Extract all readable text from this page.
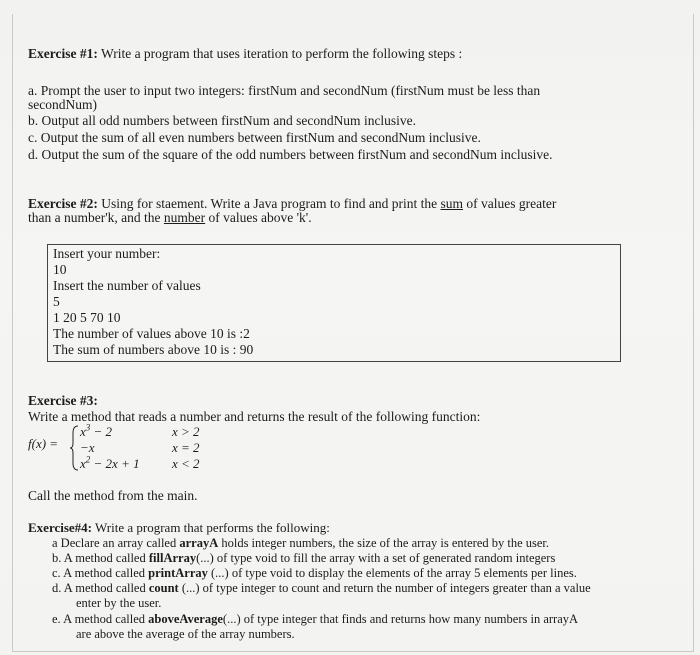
Exercise #1: Write a program that uses iteration to perform the following steps :
a. Prompt the user to input two integers: firstNum and secondNum (firstNum must be less than
secondNum)
b. Output all odd numbers between firstNum and secondNum inclusive.
c. Output the sum of all even numbers between firstNum and secondNum inclusive.
d. Output the sum of the square of the odd numbers between firstNum and secondNum inclusive.
Exercise #2: Using for staement. Write a Java program to find and print the sum of values greater
than a number'k, and the number of values above 'k'.
Insert your number:
10
Insert the number of values
5
1 20 5 70 10
The number of values above 10 is :2
The sum of numbers above 10 is : 90
Exercise #3:
Write a method that reads a number and returns the result of the following function:
f(x) =
$x^3 - 2$	x > 2
−x	x = 2
$x^2 - 2x + 1$ x < 2
Call the method from the main.
Exercise#4: Write a program that performs the following:
a Declare an array called arrayA holds integer numbers, the size of the array is entered by the user.
b. A method called fillArray(...) of type void to fill the array with a set of generated random integers
c. A method called printArray (...) of type void to display the elements of the array 5 elements per lines.
d. A method called count (...) of type integer to count and return the number of integers greater than a value
enter by the user.
e. A method called aboveAverage(...) of type integer that finds and returns how many numbers in arrayA
are above the average of the array numbers.
